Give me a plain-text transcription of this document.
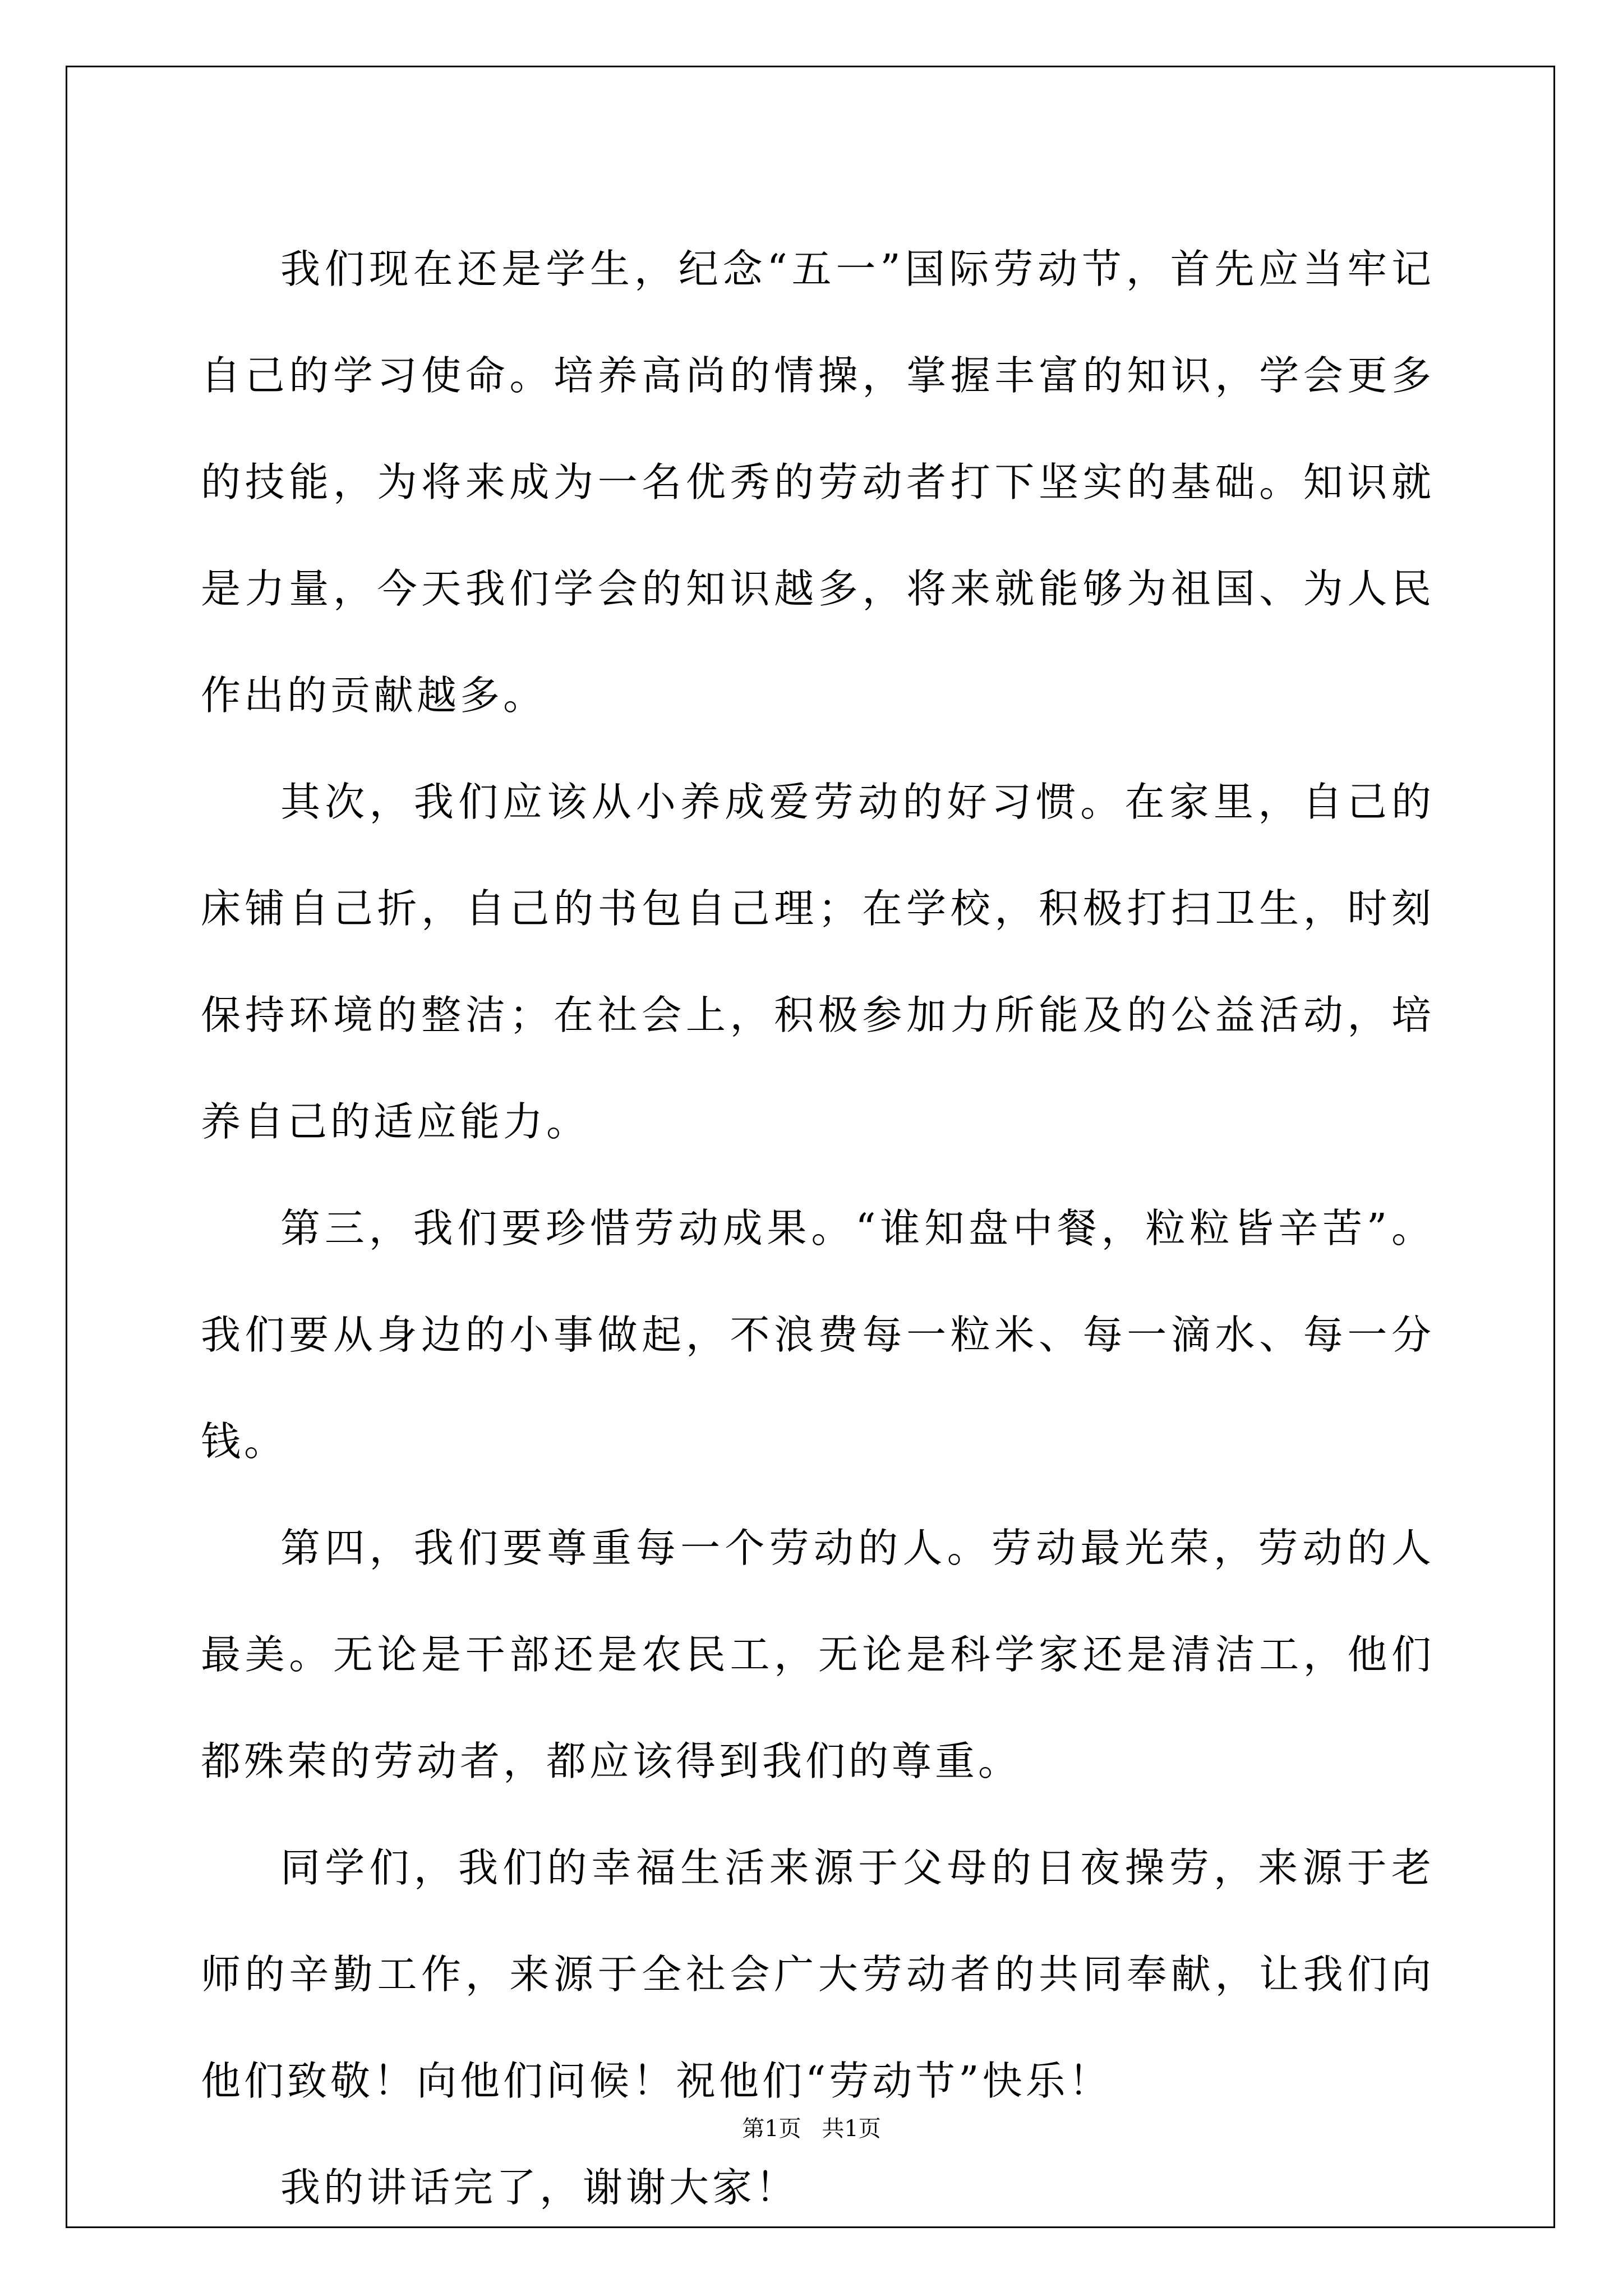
我们现在还是学生，纪念“五一”国际劳动节，首先应当牢记自己的学习使命。培养高尚的情操，掌握丰富的知识，学会更多的技能，为将来成为一名优秀的劳动者打下坚实的基础。知识就是力量，今天我们学会的知识越多，将来就能够为祖国、为人民作出的贡献越多。

其次，我们应该从小养成爱劳动的好习惯。在家里，自己的床铺自己折，自己的书包自己理；在学校，积极打扫卫生，时刻保持环境的整洁；在社会上，积极参加力所能及的公益活动，培养自己的适应能力。

第三，我们要珍惜劳动成果。“谁知盘中餐，粒粒皆辛苦”。我们要从身边的小事做起，不浪费每一粒米、每一滴水、每一分钱。

第四，我们要尊重每一个劳动的人。劳动最光荣，劳动的人最美。无论是干部还是农民工，无论是科学家还是清洁工，他们都殊荣的劳动者，都应该得到我们的尊重。

同学们，我们的幸福生活来源于父母的日夜操劳，来源于老师的辛勤工作，来源于全社会广大劳动者的共同奉献，让我们向他们致敬！向他们问候！祝他们“劳动节”快乐！

我的讲话完了，谢谢大家！

第1页 共1页
